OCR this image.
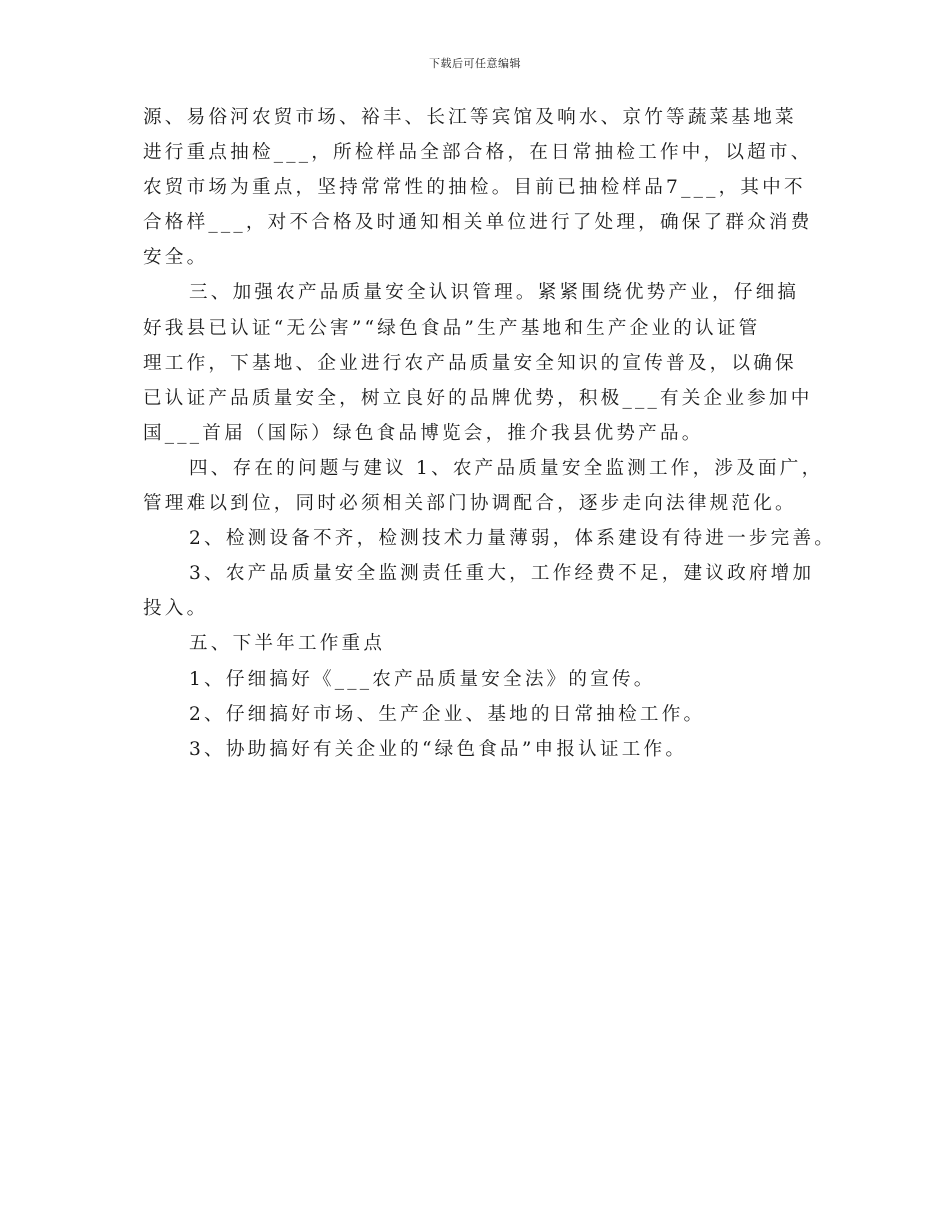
下载后可任意编辑
源、易俗河农贸市场、裕丰、长江等宾馆及响水、京竹等蔬菜基地菜
进行重点抽检___，所检样品全部合格，在日常抽检工作中，以超市、
农贸市场为重点，坚持常常性的抽检。目前已抽检样品7___，其中不
合格样___，对不合格及时通知相关单位进行了处理，确保了群众消费
安全。
三、加强农产品质量安全认识管理。紧紧围绕优势产业，仔细搞
好我县已认证“无公害”“绿色食品”生产基地和生产企业的认证管
理工作，下基地、企业进行农产品质量安全知识的宣传普及，以确保
已认证产品质量安全，树立良好的品牌优势，积极___有关企业参加中
国___首届（国际）绿色食品博览会，推介我县优势产品。
四、存在的问题与建议 1、农产品质量安全监测工作，涉及面广，
管理难以到位，同时必须相关部门协调配合，逐步走向法律规范化。
2、检测设备不齐，检测技术力量薄弱，体系建设有待进一步完善。
3、农产品质量安全监测责任重大，工作经费不足，建议政府增加
投入。
五、下半年工作重点
1、仔细搞好《___农产品质量安全法》的宣传。
2、仔细搞好市场、生产企业、基地的日常抽检工作。
3、协助搞好有关企业的“绿色食品”申报认证工作。
